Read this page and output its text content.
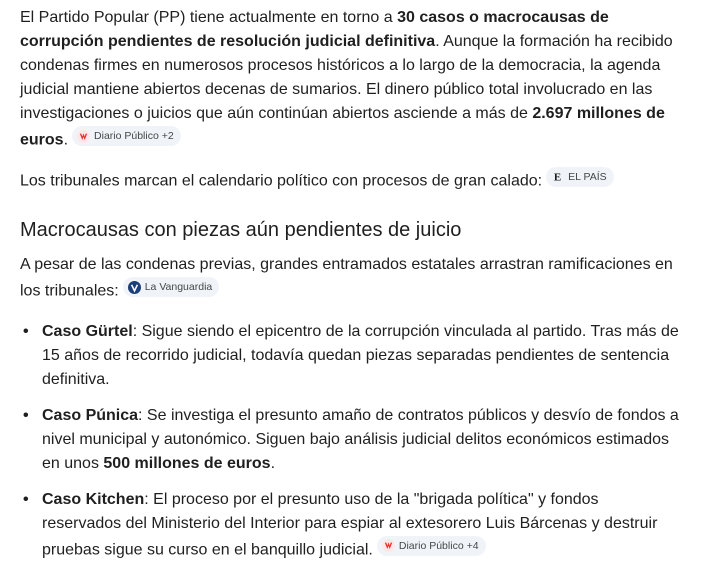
El Partido Popular (PP) tiene actualmente en torno a 30 casos o macrocausas de corrupción pendientes de resolución judicial definitiva. Aunque la formación ha recibido condenas firmes en numerosos procesos históricos a lo largo de la democracia, la agenda judicial mantiene abiertos decenas de sumarios. El dinero público total involucrado en las investigaciones o juicios que aún continúan abiertos asciende a más de 2.697 millones de euros. Diario Público +2

Los tribunales marcan el calendario político con procesos de gran calado: E EL PAÍS

Macrocausas con piezas aún pendientes de juicio

A pesar de las condenas previas, grandes entramados estatales arrastran ramificaciones en los tribunales: La Vanguardia

• Caso Gürtel: Sigue siendo el epicentro de la corrupción vinculada al partido. Tras más de 15 años de recorrido judicial, todavía quedan piezas separadas pendientes de sentencia definitiva.
• Caso Púnica: Se investiga el presunto amaño de contratos públicos y desvío de fondos a nivel municipal y autonómico. Siguen bajo análisis judicial delitos económicos estimados en unos 500 millones de euros.
• Caso Kitchen: El proceso por el presunto uso de la "brigada política" y fondos reservados del Ministerio del Interior para espiar al extesorero Luis Bárcenas y destruir pruebas sigue su curso en el banquillo judicial. Diario Público +4
